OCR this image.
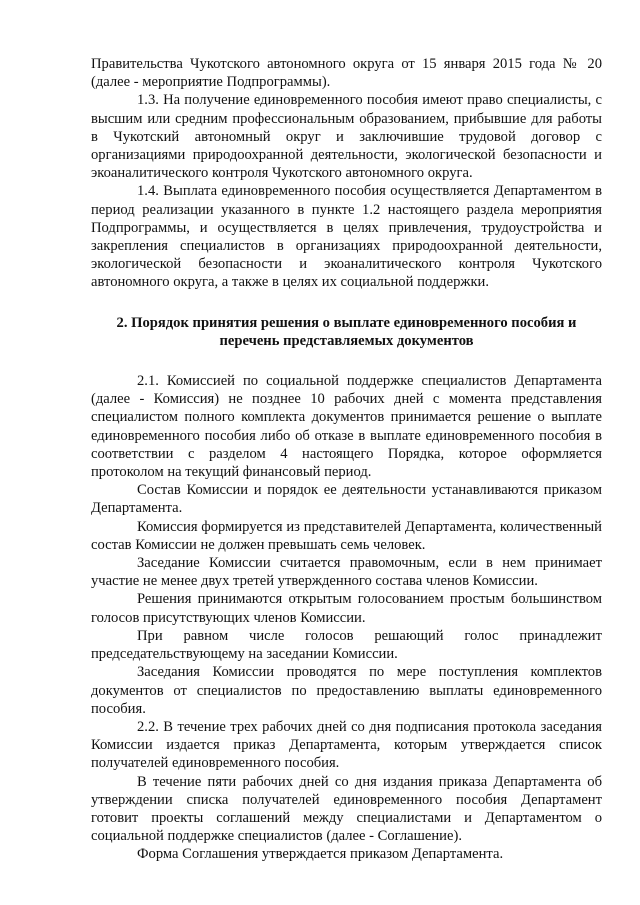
Правительства Чукотского автономного округа от 15 января 2015 года № 20 (далее - мероприятие Подпрограммы).

1.3. На получение единовременного пособия имеют право специалисты, с высшим или средним профессиональным образованием, прибывшие для работы в Чукотский автономный округ и заключившие трудовой договор с организациями природоохранной деятельности, экологической безопасности и экоаналитического контроля Чукотского автономного округа.

1.4. Выплата единовременного пособия осуществляется Департаментом в период реализации указанного в пункте 1.2 настоящего раздела мероприятия Подпрограммы, и осуществляется в целях привлечения, трудоустройства и закрепления специалистов в организациях природоохранной деятельности, экологической безопасности и экоаналитического контроля Чукотского автономного округа, а также в целях их социальной поддержки.

2. Порядок принятия решения о выплате единовременного пособия и перечень представляемых документов

2.1. Комиссией по социальной поддержке специалистов Департамента (далее - Комиссия) не позднее 10 рабочих дней с момента представления специалистом полного комплекта документов принимается решение о выплате единовременного пособия либо об отказе в выплате единовременного пособия в соответствии с разделом 4 настоящего Порядка, которое оформляется протоколом на текущий финансовый период.

Состав Комиссии и порядок ее деятельности устанавливаются приказом Департамента.

Комиссия формируется из представителей Департамента, количественный состав Комиссии не должен превышать семь человек.

Заседание Комиссии считается правомочным, если в нем принимает участие не менее двух третей утвержденного состава членов Комиссии.

Решения принимаются открытым голосованием простым большинством голосов присутствующих членов Комиссии.

При равном числе голосов решающий голос принадлежит председательствующему на заседании Комиссии.

Заседания Комиссии проводятся по мере поступления комплектов документов от специалистов по предоставлению выплаты единовременного пособия.

2.2. В течение трех рабочих дней со дня подписания протокола заседания Комиссии издается приказ Департамента, которым утверждается список получателей единовременного пособия.

В течение пяти рабочих дней со дня издания приказа Департамента об утверждении списка получателей единовременного пособия Департамент готовит проекты соглашений между специалистами и Департаментом о социальной поддержке специалистов (далее - Соглашение).

Форма Соглашения утверждается приказом Департамента.
